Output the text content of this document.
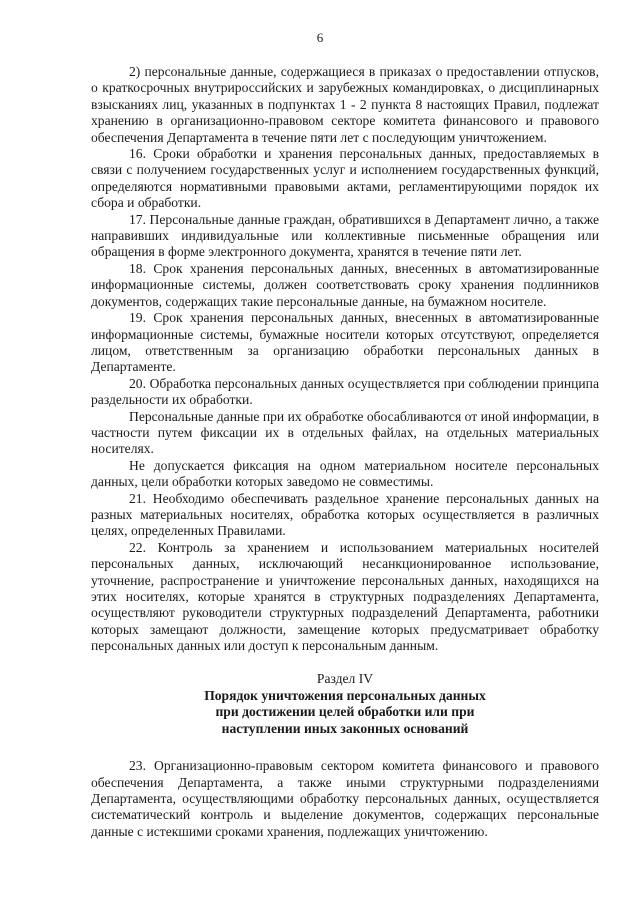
6

2) персональные данные, содержащиеся в приказах о предоставлении отпусков, о краткосрочных внутрироссийских и зарубежных командировках, о дисциплинарных взысканиях лиц, указанных в подпунктах 1 - 2 пункта 8 настоящих Правил, подлежат хранению в организационно-правовом секторе комитета финансового и правового обеспечения Департамента в течение пяти лет с последующим уничтожением.

16. Сроки обработки и хранения персональных данных, предоставляемых в связи с получением государственных услуг и исполнением государственных функций, определяются нормативными правовыми актами, регламентирующими порядок их сбора и обработки.

17. Персональные данные граждан, обратившихся в Департамент лично, а также направивших индивидуальные или коллективные письменные обращения или обращения в форме электронного документа, хранятся в течение пяти лет.

18. Срок хранения персональных данных, внесенных в автоматизированные информационные системы, должен соответствовать сроку хранения подлинников документов, содержащих такие персональные данные, на бумажном носителе.

19. Срок хранения персональных данных, внесенных в автоматизированные информационные системы, бумажные носители которых отсутствуют, определяется лицом, ответственным за организацию обработки персональных данных в Департаменте.

20. Обработка персональных данных осуществляется при соблюдении принципа раздельности их обработки.

Персональные данные при их обработке обосабливаются от иной информации, в частности путем фиксации их в отдельных файлах, на отдельных материальных носителях.

Не допускается фиксация на одном материальном носителе персональных данных, цели обработки которых заведомо не совместимы.

21. Необходимо обеспечивать раздельное хранение персональных данных на разных материальных носителях, обработка которых осуществляется в различных целях, определенных Правилами.

22. Контроль за хранением и использованием материальных носителей персональных данных, исключающий несанкционированное использование, уточнение, распространение и уничтожение персональных данных, находящихся на этих носителях, которые хранятся в структурных подразделениях Департамента, осуществляют руководители структурных подразделений Департамента, работники которых замещают должности, замещение которых предусматривает обработку персональных данных или доступ к персональным данным.

Раздел IV
Порядок уничтожения персональных данных
при достижении целей обработки или при
наступлении иных законных оснований

23. Организационно-правовым сектором комитета финансового и правового обеспечения Департамента, а также иными структурными подразделениями Департамента, осуществляющими обработку персональных данных, осуществляется систематический контроль и выделение документов, содержащих персональные данные с истекшими сроками хранения, подлежащих уничтожению.
